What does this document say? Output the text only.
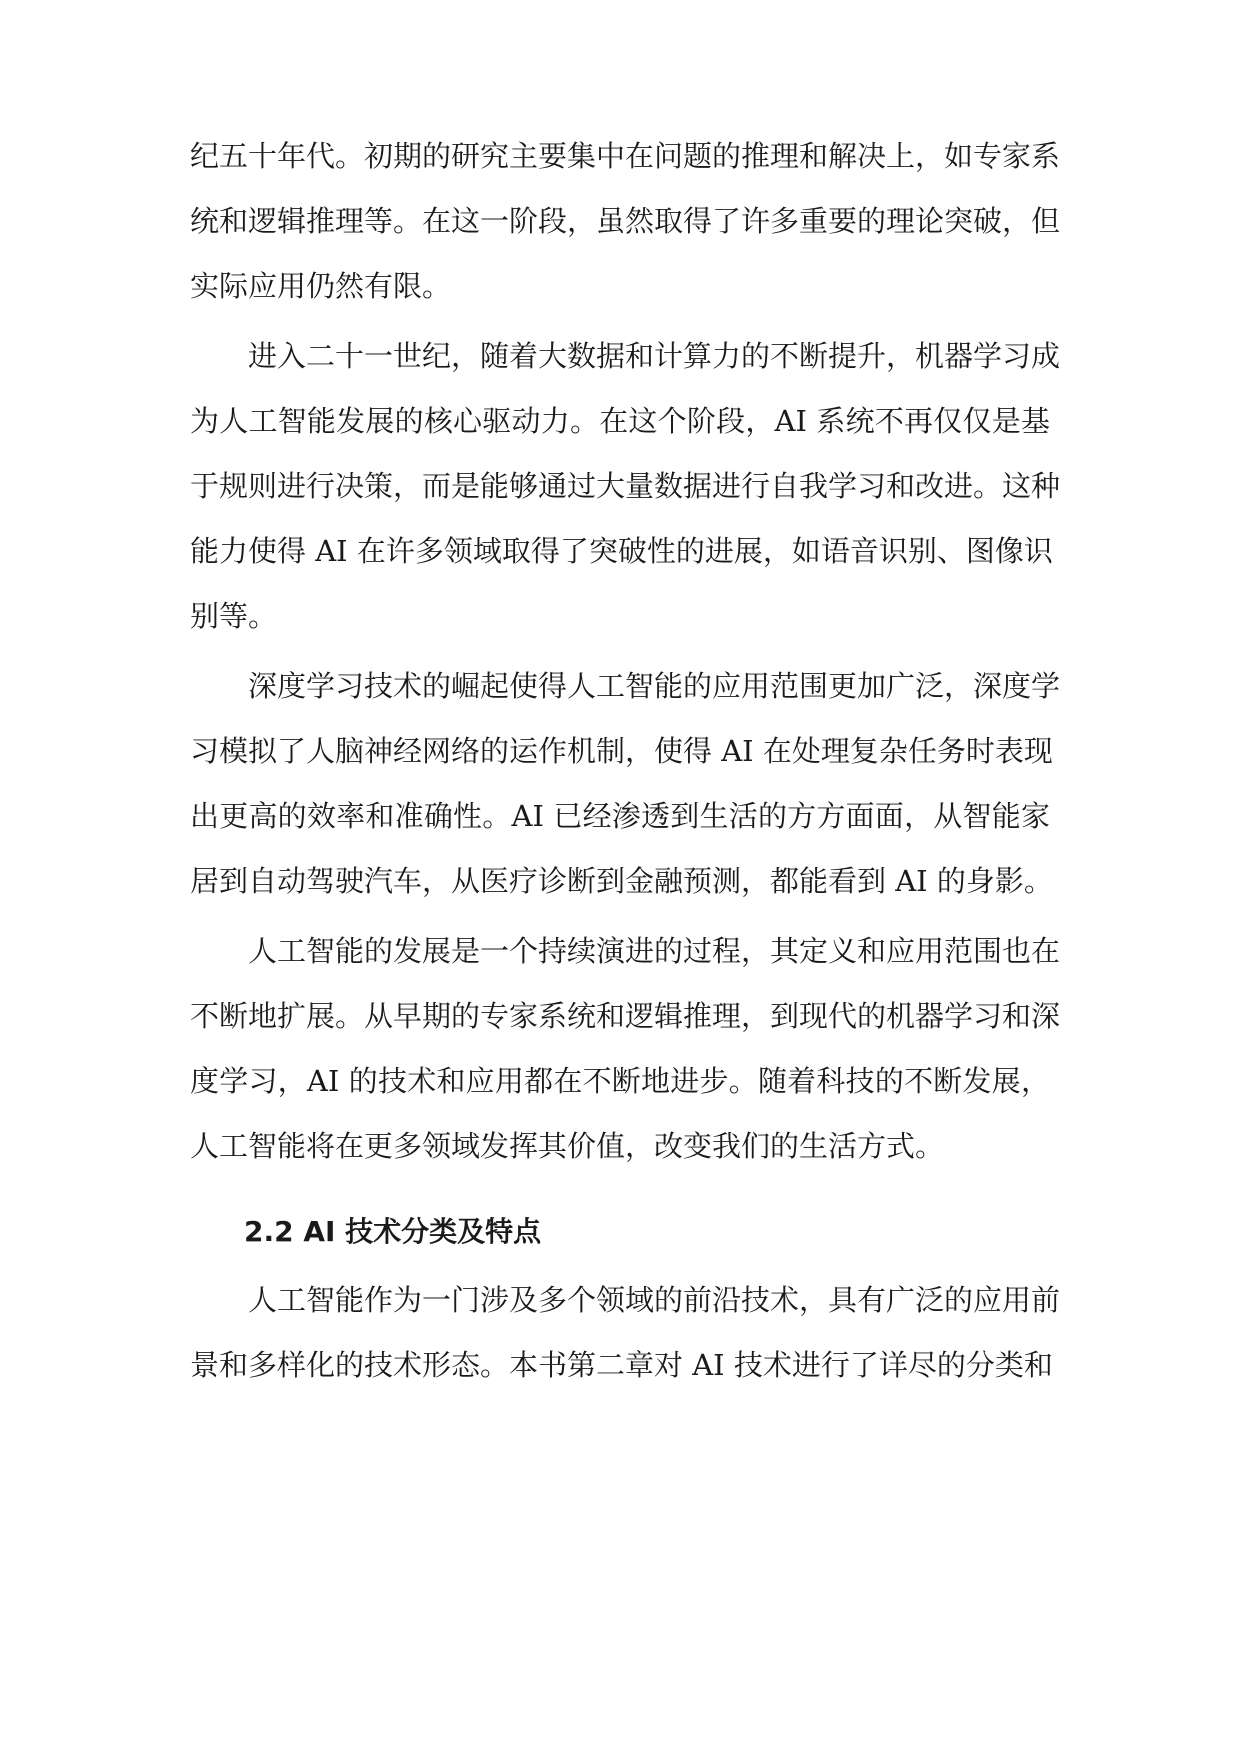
纪五十年代。初期的研究主要集中在问题的推理和解决上，如专家系
统和逻辑推理等。在这一阶段，虽然取得了许多重要的理论突破，但
实际应用仍然有限。
进入二十一世纪，随着大数据和计算力的不断提升，机器学习成
为人工智能发展的核心驱动力。在这个阶段，AI 系统不再仅仅是基
于规则进行决策，而是能够通过大量数据进行自我学习和改进。这种
能力使得 AI 在许多领域取得了突破性的进展，如语音识别、图像识
别等。
深度学习技术的崛起使得人工智能的应用范围更加广泛，深度学
习模拟了人脑神经网络的运作机制，使得 AI 在处理复杂任务时表现
出更高的效率和准确性。AI 已经渗透到生活的方方面面，从智能家
居到自动驾驶汽车，从医疗诊断到金融预测，都能看到 AI 的身影。
人工智能的发展是一个持续演进的过程，其定义和应用范围也在
不断地扩展。从早期的专家系统和逻辑推理，到现代的机器学习和深
度学习，AI 的技术和应用都在不断地进步。随着科技的不断发展，
人工智能将在更多领域发挥其价值，改变我们的生活方式。
2.2 AI 技术分类及特点
人工智能作为一门涉及多个领域的前沿技术，具有广泛的应用前
景和多样化的技术形态。本书第二章对 AI 技术进行了详尽的分类和
